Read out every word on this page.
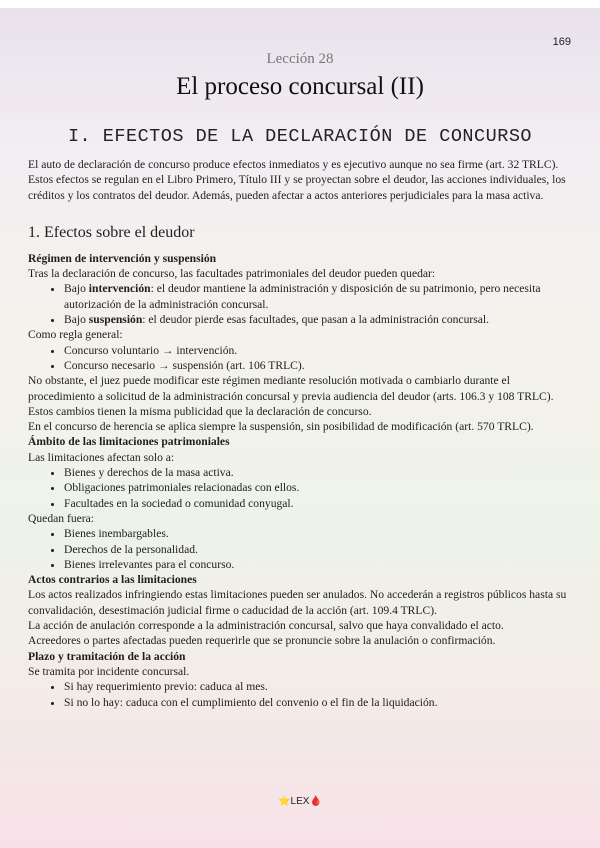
169
Lección 28
El proceso concursal (II)
I. EFECTOS DE LA DECLARACIÓN DE CONCURSO

El auto de declaración de concurso produce efectos inmediatos y es ejecutivo aunque no sea firme (art. 32 TRLC). Estos efectos se regulan en el Libro Primero, Título III y se proyectan sobre el deudor, las acciones individuales, los créditos y los contratos del deudor. Además, pueden afectar a actos anteriores perjudiciales para la masa activa.

1. Efectos sobre el deudor
Régimen de intervención y suspensión
Tras la declaración de concurso, las facultades patrimoniales del deudor pueden quedar:
• Bajo intervención: el deudor mantiene la administración y disposición de su patrimonio, pero necesita autorización de la administración concursal.
• Bajo suspensión: el deudor pierde esas facultades, que pasan a la administración concursal.
Como regla general:
• Concurso voluntario → intervención.
• Concurso necesario → suspensión (art. 106 TRLC).
No obstante, el juez puede modificar este régimen mediante resolución motivada o cambiarlo durante el procedimiento a solicitud de la administración concursal y previa audiencia del deudor (arts. 106.3 y 108 TRLC). Estos cambios tienen la misma publicidad que la declaración de concurso.
En el concurso de herencia se aplica siempre la suspensión, sin posibilidad de modificación (art. 570 TRLC).
Ámbito de las limitaciones patrimoniales
Las limitaciones afectan solo a:
• Bienes y derechos de la masa activa.
• Obligaciones patrimoniales relacionadas con ellos.
• Facultades en la sociedad o comunidad conyugal.
Quedan fuera:
• Bienes inembargables.
• Derechos de la personalidad.
• Bienes irrelevantes para el concurso.
Actos contrarios a las limitaciones
Los actos realizados infringiendo estas limitaciones pueden ser anulados. No accederán a registros públicos hasta su convalidación, desestimación judicial firme o caducidad de la acción (art. 109.4 TRLC).
La acción de anulación corresponde a la administración concursal, salvo que haya convalidado el acto.
Acreedores o partes afectadas pueden requerirle que se pronuncie sobre la anulación o confirmación.
Plazo y tramitación de la acción
Se tramita por incidente concursal.
• Si hay requerimiento previo: caduca al mes.
• Si no lo hay: caduca con el cumplimiento del convenio o el fin de la liquidación.
⭐LEX🩸
